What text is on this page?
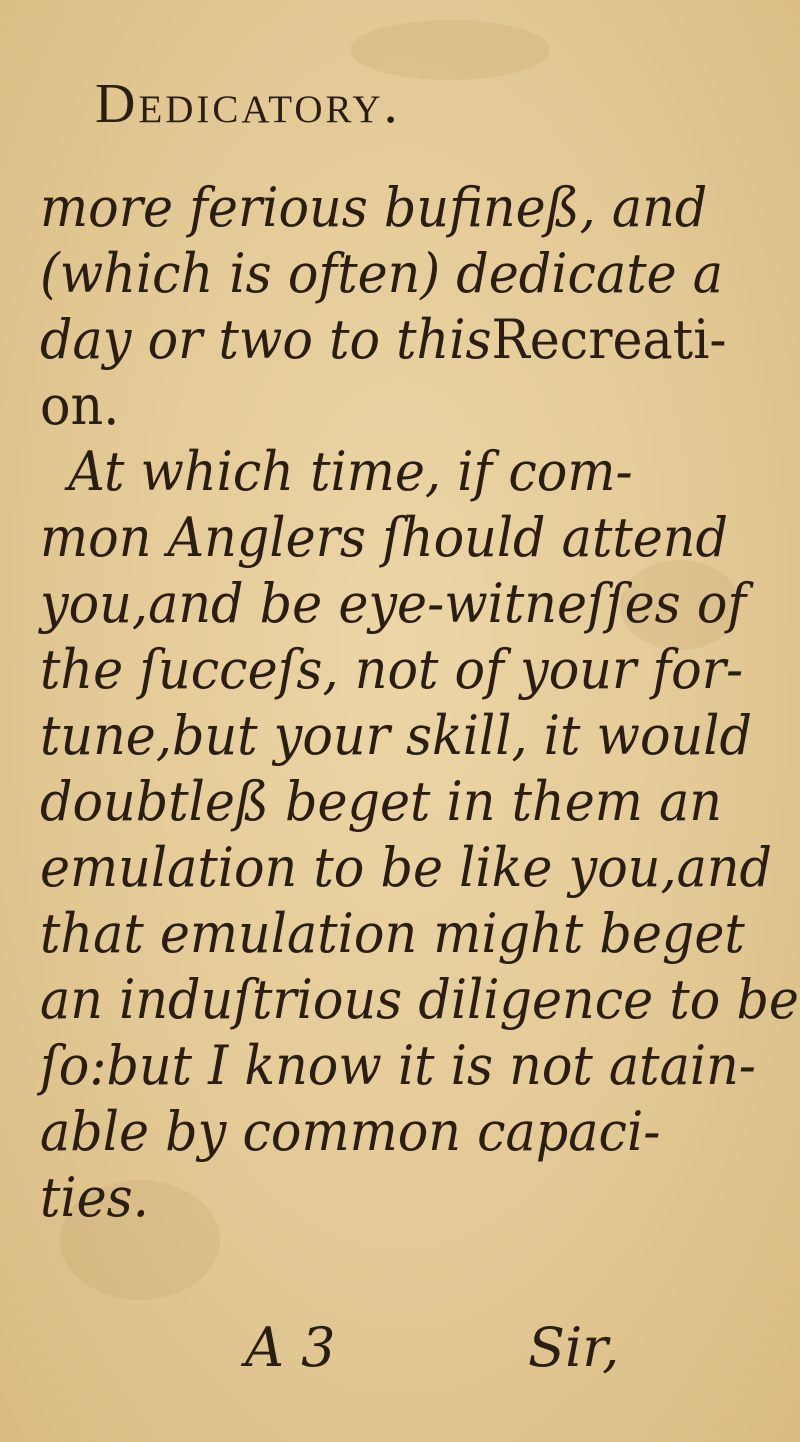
Dedicatory.
more ferious bufineß, and
(which is often) dedicate a
day or two to thisRecreati-
on.
At which time, if com-
mon Anglers ſhould attend
you,and be eye-witneſſes of
the ſucceſs, not of your for-
tune,but your skill, it would
doubtleß beget in them an
emulation to be like you,and
that emulation might beget
an induſtrious diligence to be
ſo:but I know it is not atain-
able by common capaci-
ties.
A 3	Sir,
